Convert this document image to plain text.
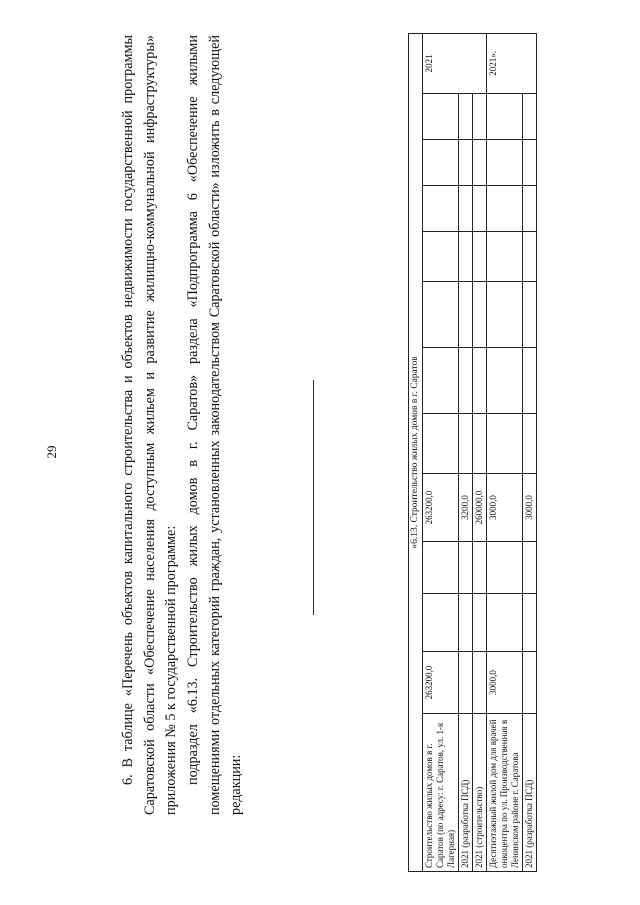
29	6. В таблице «Перечень объектов капитального строительства и объектов недвижимости государственной программы Саратовской области «Обеспечение населения доступным жильем и развитие жилищно-коммунальной инфраструктуры» приложения № 5 к государственной программе: подраздел «6.13. Строительство жилых домов в г. Саратов» раздела «Подпрограмма 6 «Обеспечение жилыми помещениями отдельных категорий граждан, установленных законодательством Саратовской области» изложить в следующей редакции:
«6.13. Строительство жилых домов в г. Саратов												
Строительство жилых домов в г. Саратов (по адресу: г. Саратов, ул. 1-я Лагерная)	263200,0			263200,0								2021
2021 (разработка ПСД)				3200,0								
2021 (строительство)				260000,0								
Десятиэтажный жилой дом для врачей онкоцентра по ул. Производственная в Ленинском районе г. Саратова	3000,0			3000,0								2021».
2021 (разработка ПСД)				3000,0								
